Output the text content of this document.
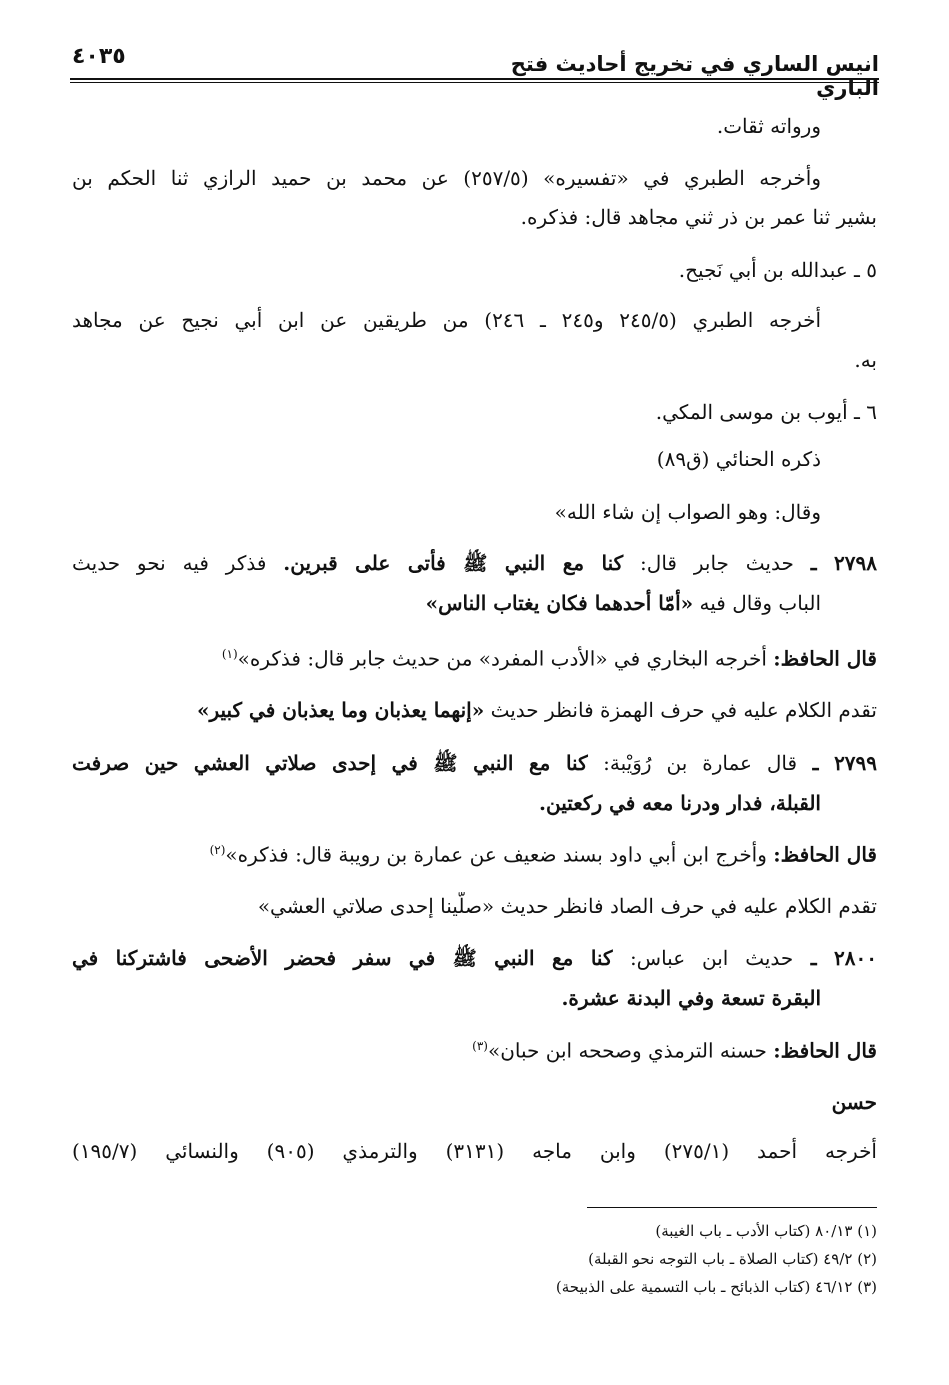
انيس الساري في تخريج أحاديث فتح الباري
٤٠٣٥
ورواته ثقات.
وأخرجه الطبري في «تفسيره» (٢٥٧/٥) عن محمد بن حميد الرازي ثنا الحكم بن
بشير ثنا عمر بن ذر ثني مجاهد قال: فذكره.
٥ ـ عبدالله بن أبي نَجيح.
أخرجه الطبري (٢٤٥/٥ و٢٤٥ ـ ٢٤٦) من طريقين عن ابن أبي نجيح عن مجاهد
به.
٦ ـ أيوب بن موسى المكي.
ذكره الحنائي (ق٨٩)
وقال: وهو الصواب إن شاء الله»
٢٧٩٨ ـ حديث جابر قال: كنا مع النبي ﷺ فأتى على قبرين. فذكر فيه نحو حديث
الباب وقال فيه «أمّا أحدهما فكان يغتاب الناس»
قال الحافظ: أخرجه البخاري في «الأدب المفرد» من حديث جابر قال: فذكره»$^{(١)}$
تقدم الكلام عليه في حرف الهمزة فانظر حديث «إنهما يعذبان وما يعذبان في كبير»
٢٧٩٩ ـ قال عمارة بن رُوَيْبة: كنا مع النبي ﷺ في إحدى صلاتي العشي حين صرفت
القبلة، فدار ودرنا معه في ركعتين.
قال الحافظ: وأخرج ابن أبي داود بسند ضعيف عن عمارة بن رويبة قال: فذكره»$^{(٢)}$
تقدم الكلام عليه في حرف الصاد فانظر حديث «صلّينا إحدى صلاتي العشي»
٢٨٠٠ ـ حديث ابن عباس: كنا مع النبي ﷺ في سفر فحضر الأضحى فاشتركنا في
البقرة تسعة وفي البدنة عشرة.
قال الحافظ: حسنه الترمذي وصححه ابن حبان»$^{(٣)}$
حسن
أخرجه أحمد (٢٧٥/١) وابن ماجه (٣١٣١) والترمذي (٩٠٥) والنسائي (١٩٥/٧)
(١) ٨٠/١٣ (كتاب الأدب ـ باب الغيبة)
(٢) ٤٩/٢ (كتاب الصلاة ـ باب التوجه نحو القبلة)
(٣) ٤٦/١٢ (كتاب الذبائح ـ باب التسمية على الذبيحة)
